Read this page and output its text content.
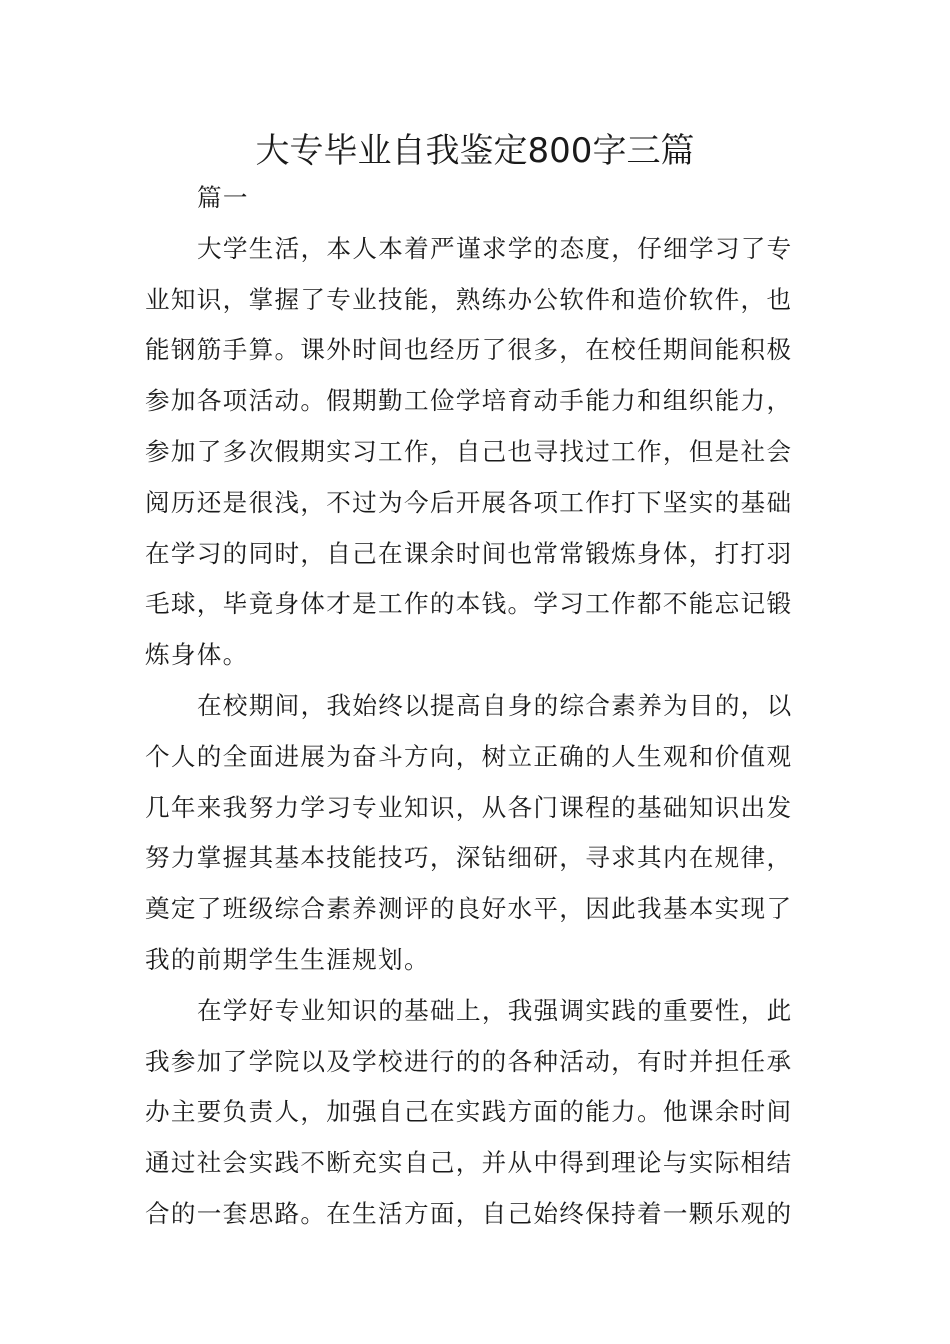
大专毕业自我鉴定800字三篇
篇一
大学生活，本人本着严谨求学的态度，仔细学习了专
业知识，掌握了专业技能，熟练办公软件和造价软件，也
能钢筋手算。课外时间也经历了很多，在校任期间能积极
参加各项活动。假期勤工俭学培育动手能力和组织能力，
参加了多次假期实习工作，自己也寻找过工作，但是社会
阅历还是很浅，不过为今后开展各项工作打下坚实的基础
在学习的同时，自己在课余时间也常常锻炼身体，打打羽
毛球，毕竟身体才是工作的本钱。学习工作都不能忘记锻
炼身体。
在校期间，我始终以提高自身的综合素养为目的，以
个人的全面进展为奋斗方向，树立正确的人生观和价值观
几年来我努力学习专业知识，从各门课程的基础知识出发
努力掌握其基本技能技巧，深钻细研，寻求其内在规律，
奠定了班级综合素养测评的良好水平，因此我基本实现了
我的前期学生生涯规划。
在学好专业知识的基础上，我强调实践的重要性，此
我参加了学院以及学校进行的的各种活动，有时并担任承
办主要负责人，加强自己在实践方面的能力。他课余时间
通过社会实践不断充实自己，并从中得到理论与实际相结
合的一套思路。在生活方面，自己始终保持着一颗乐观的
